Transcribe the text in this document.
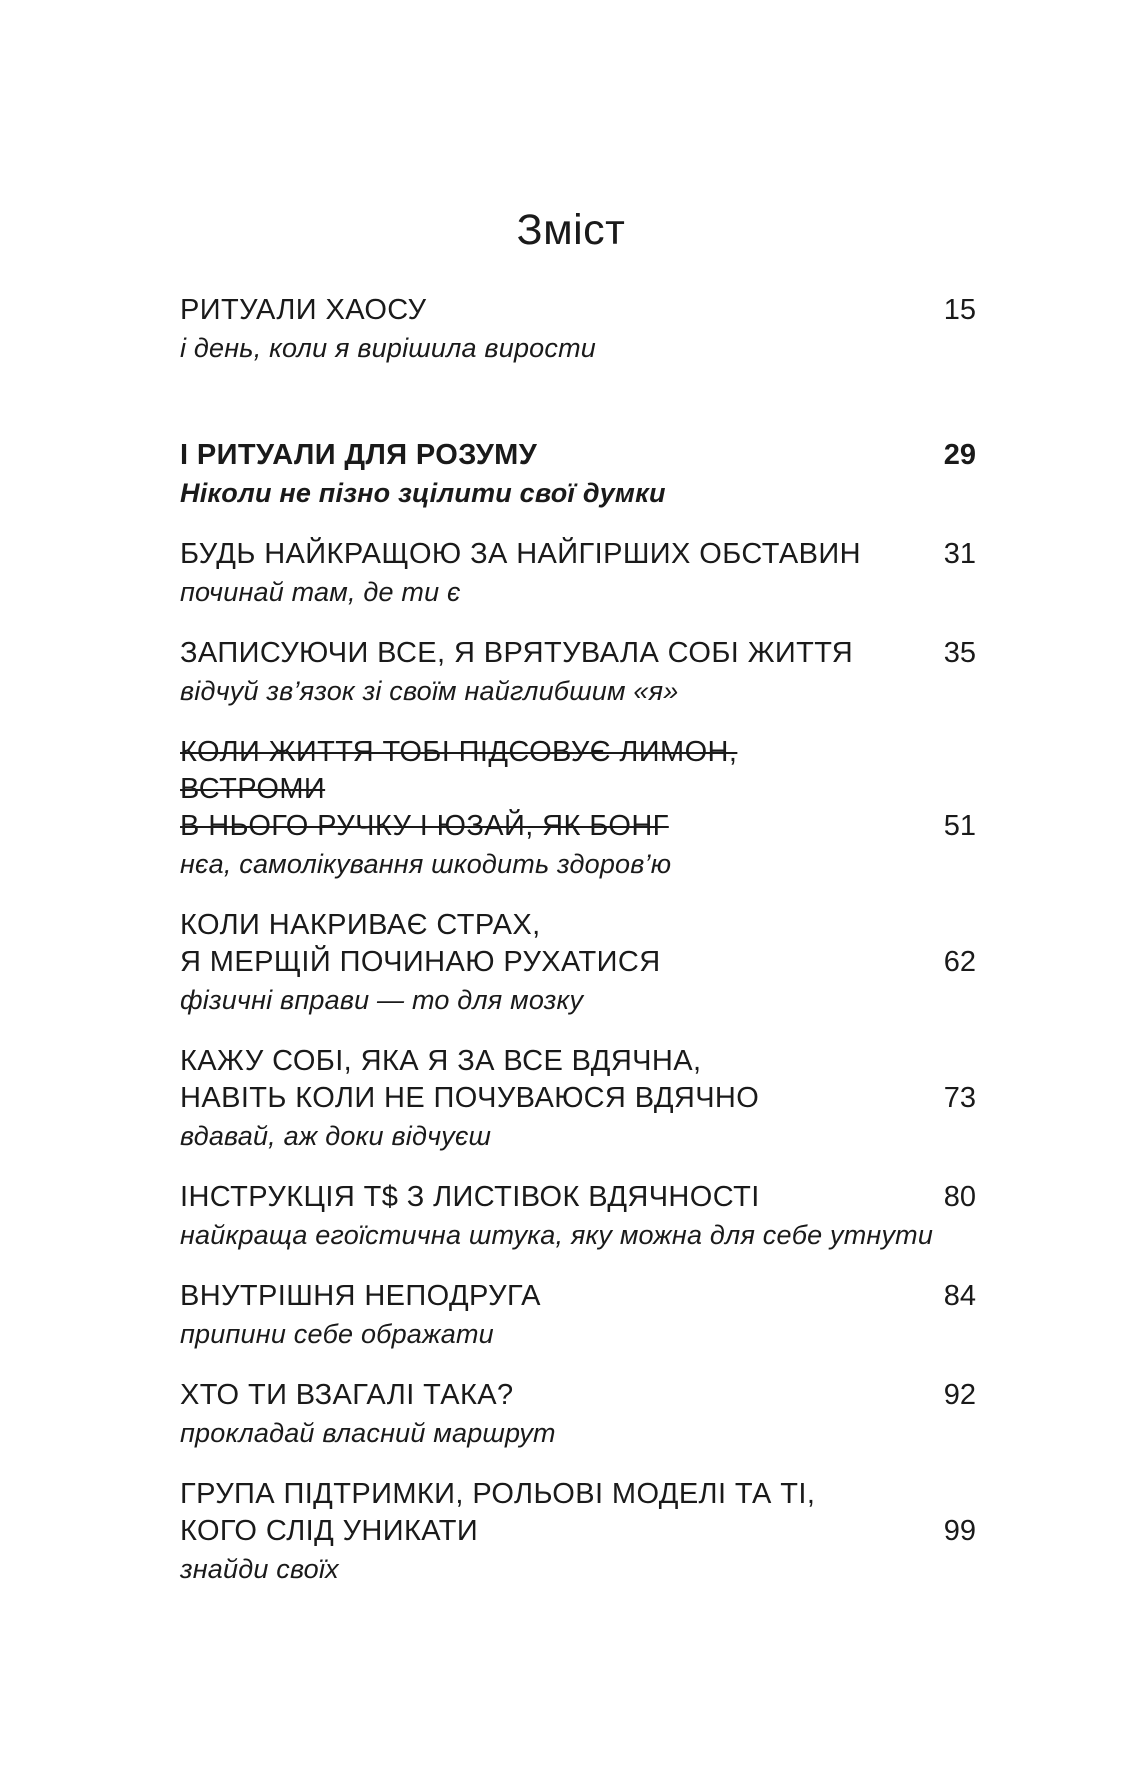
Зміст
РИТУАЛИ ХАОСУ	15
і день, коли я вирішила вирости
І РИТУАЛИ ДЛЯ РОЗУМУ	29
Ніколи не пізно зцілити свої думки
БУДЬ НАЙКРАЩОЮ ЗА НАЙГІРШИХ ОБСТАВИН	31
починай там, де ти є
ЗАПИСУЮЧИ ВСЕ, Я ВРЯТУВАЛА СОБІ ЖИТТЯ	35
відчуй зв’язок зі своїм найглибшим «я»
КОЛИ ЖИТТЯ ТОБІ ПІДСОВУЄ ЛИМОН, ВСТРОМИ
В НЬОГО РУЧКУ І ЮЗАЙ, ЯК БОНГ	51
нєа, самолікування шкодить здоров’ю
КОЛИ НАКРИВАЄ СТРАХ,
Я МЕРЩІЙ ПОЧИНАЮ РУХАТИСЯ	62
фізичні вправи — то для мозку
КАЖУ СОБІ, ЯКА Я ЗА ВСЕ ВДЯЧНА,
НАВІТЬ КОЛИ НЕ ПОЧУВАЮСЯ ВДЯЧНО	73
вдавай, аж доки відчуєш
ІНСТРУКЦІЯ Т$ З ЛИСТІВОК ВДЯЧНОСТІ	80
найкраща егоїстична штука, яку можна для себе утнути
ВНУТРІШНЯ НЕПОДРУГА	84
припини себе ображати
ХТО ТИ ВЗАГАЛІ ТАКА?	92
прокладай власний маршрут
ГРУПА ПІДТРИМКИ, РОЛЬОВІ МОДЕЛІ ТА ТІ,
КОГО СЛІД УНИКАТИ	99
знайди своїх
